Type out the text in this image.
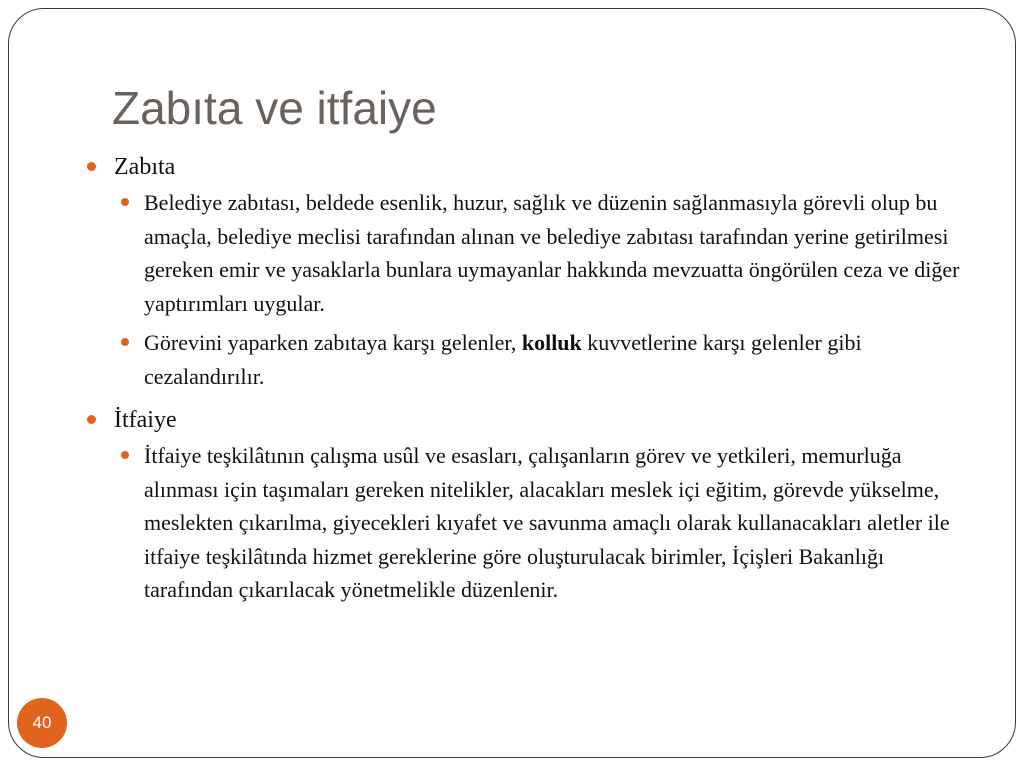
Zabıta ve itfaiye
Zabıta
Belediye zabıtası, beldede esenlik, huzur, sağlık ve düzenin sağlanmasıyla görevli olup bu amaçla, belediye meclisi tarafından alınan ve belediye zabıtası tarafından yerine getirilmesi gereken emir ve yasaklarla bunlara uymayanlar hakkında mevzuatta öngörülen ceza ve diğer yaptırımları uygular.
Görevini yaparken zabıtaya karşı gelenler, kolluk kuvvetlerine karşı gelenler gibi cezalandırılır.
İtfaiye
İtfaiye teşkilâtının çalışma usûl ve esasları, çalışanların görev ve yetkileri, memurluğa alınması için taşımaları gereken nitelikler, alacakları meslek içi eğitim, görevde yükselme, meslekten çıkarılma, giyecekleri kıyafet ve savunma amaçlı olarak kullanacakları aletler ile itfaiye teşkilâtında hizmet gereklerine göre oluşturulacak birimler, İçişleri Bakanlığı tarafından çıkarılacak yönetmelikle düzenlenir.
40
